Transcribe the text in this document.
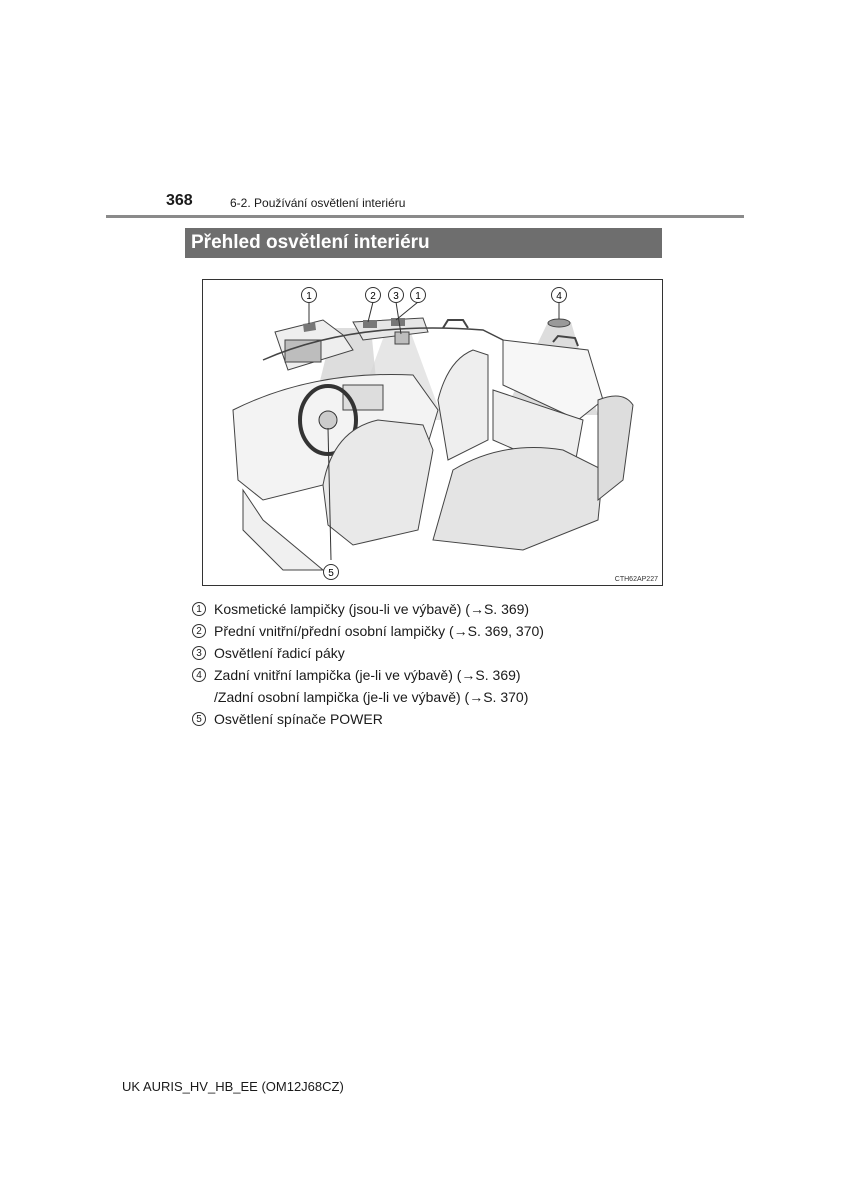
368	6-2. Používání osvětlení interiéru
Přehled osvětlení interiéru
1	2 3 1	4
5
CTH62AP227
1 Kosmetické lampičky (jsou-li ve výbavě) (→S. 369)
2 Přední vnitřní/přední osobní lampičky (→S. 369, 370)
3 Osvětlení řadicí páky
4 Zadní vnitřní lampička (je-li ve výbavě) (→S. 369)
/Zadní osobní lampička (je-li ve výbavě) (→S. 370)
5 Osvětlení spínače POWER
UK AURIS_HV_HB_EE (OM12J68CZ)
